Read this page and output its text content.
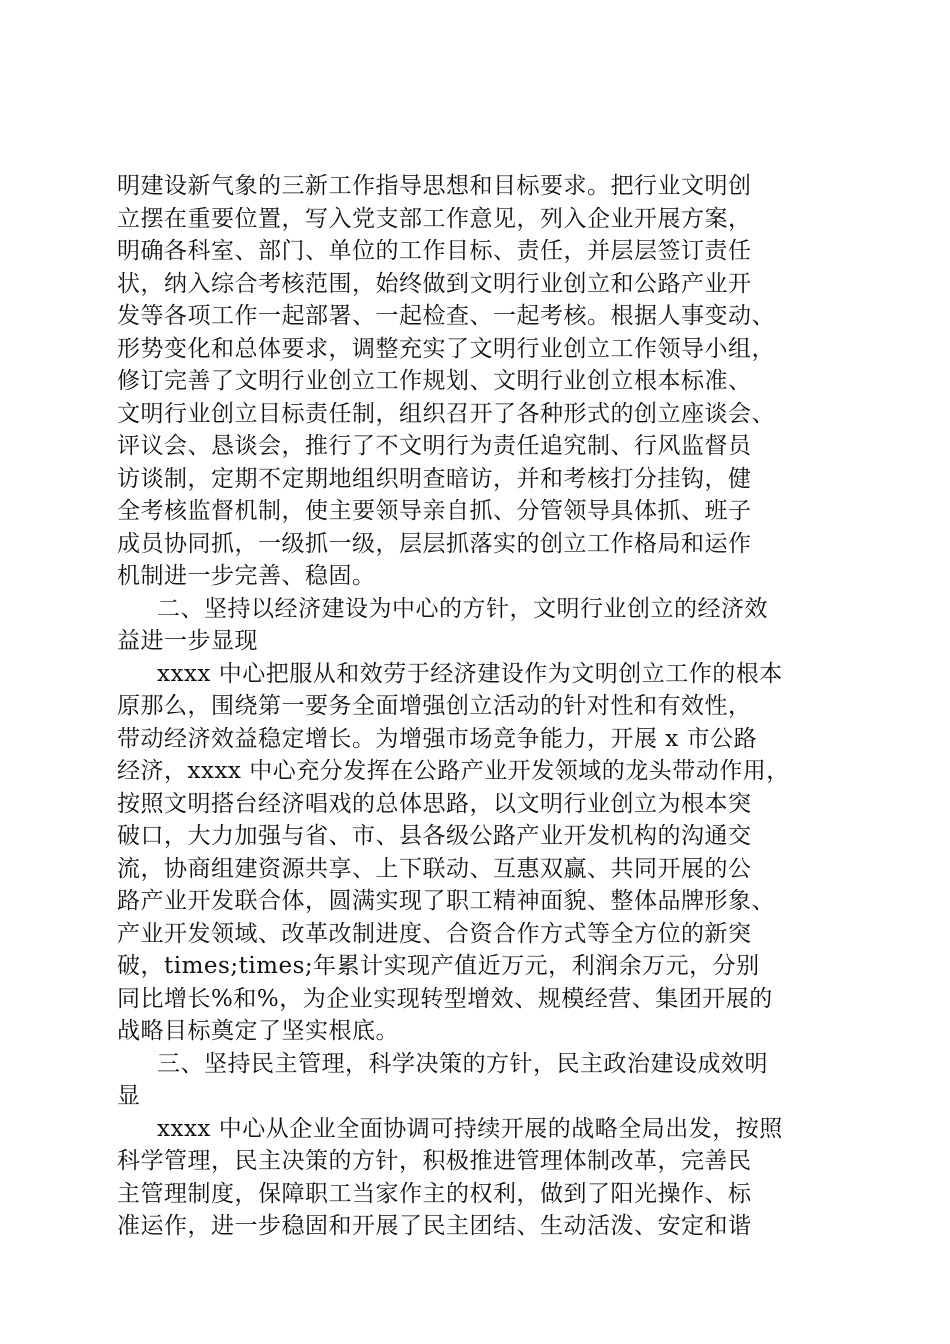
明建设新气象的三新工作指导思想和目标要求。把行业文明创
立摆在重要位置，写入党支部工作意见，列入企业开展方案，
明确各科室、部门、单位的工作目标、责任，并层层签订责任
状，纳入综合考核范围，始终做到文明行业创立和公路产业开
发等各项工作一起部署、一起检查、一起考核。根据人事变动、
形势变化和总体要求，调整充实了文明行业创立工作领导小组，
修订完善了文明行业创立工作规划、文明行业创立根本标准、
文明行业创立目标责任制，组织召开了各种形式的创立座谈会、
评议会、恳谈会，推行了不文明行为责任追究制、行风监督员
访谈制，定期不定期地组织明查暗访，并和考核打分挂钩，健
全考核监督机制，使主要领导亲自抓、分管领导具体抓、班子
成员协同抓，一级抓一级，层层抓落实的创立工作格局和运作
机制进一步完善、稳固。
二、坚持以经济建设为中心的方针，文明行业创立的经济效
益进一步显现
xxxx 中心把服从和效劳于经济建设作为文明创立工作的根本
原那么，围绕第一要务全面增强创立活动的针对性和有效性，
带动经济效益稳定增长。为增强市场竞争能力，开展 x 市公路
经济，xxxx 中心充分发挥在公路产业开发领域的龙头带动作用，
按照文明搭台经济唱戏的总体思路，以文明行业创立为根本突
破口，大力加强与省、市、县各级公路产业开发机构的沟通交
流，协商组建资源共享、上下联动、互惠双赢、共同开展的公
路产业开发联合体，圆满实现了职工精神面貌、整体品牌形象、
产业开发领域、改革改制进度、合资合作方式等全方位的新突
破，times;times;年累计实现产值近万元，利润余万元，分别
同比增长%和%，为企业实现转型增效、规模经营、集团开展的
战略目标奠定了坚实根底。
三、坚持民主管理，科学决策的方针，民主政治建设成效明
显
xxxx 中心从企业全面协调可持续开展的战略全局出发，按照
科学管理，民主决策的方针，积极推进管理体制改革，完善民
主管理制度，保障职工当家作主的权利，做到了阳光操作、标
准运作，进一步稳固和开展了民主团结、生动活泼、安定和谐
